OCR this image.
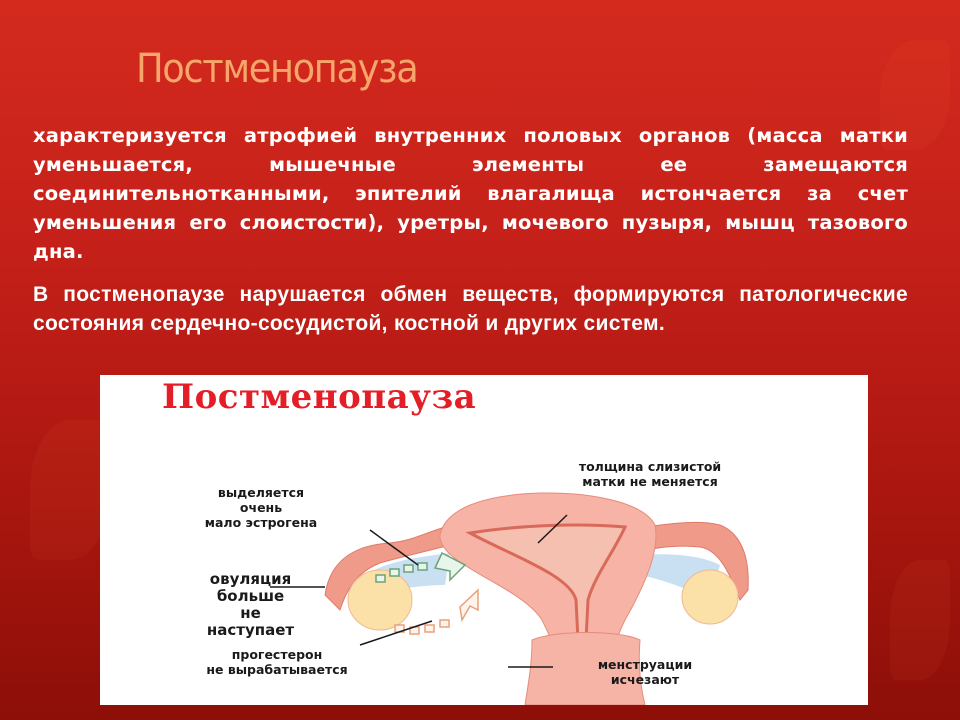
Постменопауза
характеризуется атрофией внутренних половых органов (масса матки уменьшается, мышечные элементы ее замещаются соединительнотканными, эпителий влагалища истончается за счет уменьшения его слоистости), уретры, мочевого пузыря, мышц тазового дна.
В постменопаузе нарушается обмен веществ, формируются патологические состояния сердечно-сосудистой, костной и других систем.
Постменопауза
выделяется очень
мало эстрогена
овуляция
больше
не наступает
прогестерон
не вырабатывается
толщина слизистой
матки не меняется
менструации
исчезают
